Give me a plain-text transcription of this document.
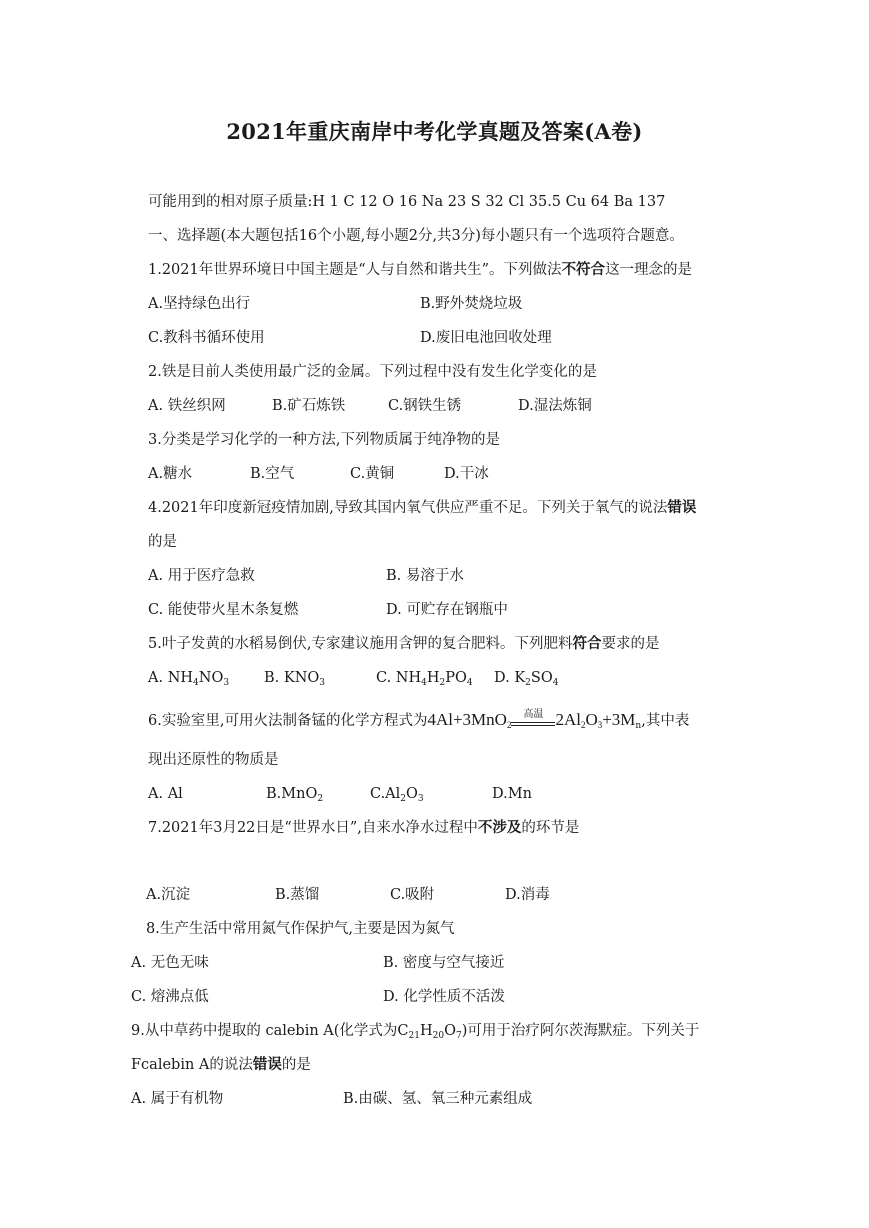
2021年重庆南岸中考化学真题及答案(A卷)
可能用到的相对原子质量:H 1 C 12 O 16 Na 23 S 32 Cl 35.5 Cu 64 Ba 137
一、选择题(本大题包括16个小题,每小题2分,共3分)每小题只有一个选项符合题意。
1.2021年世界环境日中国主题是“人与自然和谐共生”。下列做法不符合这一理念的是
A.坚持绿色出行	B.野外焚烧垃圾
C.教科书循环使用	D.废旧电池回收处理
2.铁是目前人类使用最广泛的金属。下列过程中没有发生化学变化的是
A. 铁丝织网	B.矿石炼铁	C.钢铁生锈	D.湿法炼铜
3.分类是学习化学的一种方法,下列物质属于纯净物的是
A.糖水	B.空气	C.黄铜	D.干冰
4.2021年印度新冠疫情加剧,导致其国内氧气供应严重不足。下列关于氧气的说法错误
的是
A. 用于医疗急救	B. 易溶于水
C. 能使带火星木条复燃	D. 可贮存在钢瓶中
5.叶子发黄的水稻易倒伏,专家建议施用含钾的复合肥料。下列肥料符合要求的是
A. $NH_4NO_3$ B. $KNO_3$	C. $NH_4H_2PO_4$ D. $K_2SO_4$
6.实验室里,可用火法制备锰的化学方程式为4Al+3MnO$_2$
高温 $2Al_2O_3+3M_n$,其中表
现出还原性的物质是
A. Al	B.MnO$_2$	$C.Al_2O_3$	D.Mn
7.2021年3月22日是“世界水日”,自来水净水过程中不涉及的环节是
A.沉淀	B.蒸馏	C.吸附	D.消毒
8.生产生活中常用氮气作保护气,主要是因为氮气
A. 无色无味	B. 密度与空气接近
C. 熔沸点低	D. 化学性质不活泼
9.从中草药中提取的 calebin A(化学式为$C_{21}H_{20}O_7$)可用于治疗阿尔茨海默症。下列关于
Fcalebin A的说法错误的是
A. 属于有机物	B.由碳、氢、氧三种元素组成
